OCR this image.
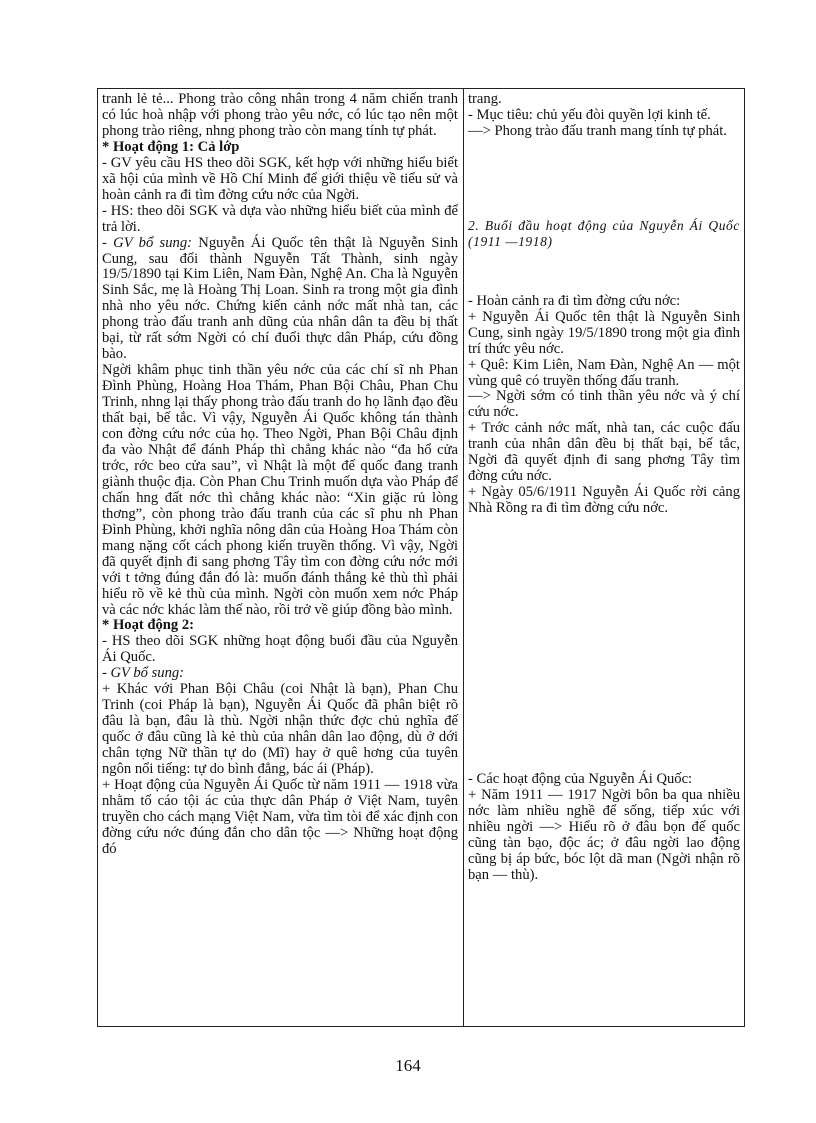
tranh lẻ tẻ... Phong trào công nhân trong 4 năm chiến tranh có lúc hoà nhập với phong trào yêu nớc, có lúc tạo nên một phong trào riêng, nhng phong trào còn mang tính tự phát.

* Hoạt động 1: Cả lớp

- GV yêu cầu HS theo dõi SGK, kết hợp với những hiểu biết xã hội của mình về Hồ Chí Minh để giới thiệu về tiểu sử và hoàn cảnh ra đi tìm đờng cứu nớc của Ngời.

- HS: theo dõi SGK và dựa vào những hiểu biết của mình để trả lời.

- GV bổ sung: Nguyễn Ái Quốc tên thật là Nguyễn Sinh Cung, sau đổi thành Nguyễn Tất Thành, sinh ngày 19/5/1890 tại Kim Liên, Nam Đàn, Nghệ An. Cha là Nguyễn Sinh Sắc, mẹ là Hoàng Thị Loan. Sinh ra trong một gia đình nhà nho yêu nớc. Chứng kiến cảnh nớc mất nhà tan, các phong trào đấu tranh anh dũng của nhân dân ta đều bị thất bại, từ rất sớm Ngời có chí đuổi thực dân Pháp, cứu đồng bào.

Ngời khâm phục tinh thần yêu nớc của các chí sĩ nh Phan Đình Phùng, Hoàng Hoa Thám, Phan Bội Châu, Phan Chu Trinh, nhng lại thấy phong trào đấu tranh do họ lãnh đạo đều thất bại, bế tắc. Vì vậy, Nguyễn Ái Quốc không tán thành con đờng cứu nớc của họ. Theo Ngời, Phan Bội Châu định đa vào Nhật để đánh Pháp thì chẳng khác nào “đa hổ cửa trớc, rớc beo cửa sau”, vì Nhật là một đế quốc đang tranh giành thuộc địa. Còn Phan Chu Trinh muốn dựa vào Pháp để chấn hng đất nớc thì chẳng khác nào: “Xin giặc rủ lòng thơng”, còn phong trào đấu tranh của các sĩ phu nh Phan Đình Phùng, khởi nghĩa nông dân của Hoàng Hoa Thám còn mang nặng cốt cách phong kiến truyền thống. Vì vậy, Ngời đã quyết định đi sang phơng Tây tìm con đờng cứu nớc mới với t tởng đúng đắn đó là: muốn đánh thắng kẻ thù thì phải hiểu rõ về kẻ thù của mình. Ngời còn muốn xem nớc Pháp và các nớc khác làm thế nào, rồi trở về giúp đồng bào mình.

* Hoạt động 2:

- HS theo dõi SGK những hoạt động buổi đầu của Nguyễn Ái Quốc.

- GV bổ sung:

+ Khác với Phan Bội Châu (coi Nhật là bạn), Phan Chu Trinh (coi Pháp là bạn), Nguyễn Ái Quốc đã phân biệt rõ đâu là bạn, đâu là thù. Ngời nhận thức đợc chủ nghĩa đế quốc ở đâu cũng là kẻ thù của nhân dân lao động, dù ở dới chân tợng Nữ thần tự do (Mĩ) hay ở quê hơng của tuyên ngôn nổi tiếng: tự do bình đẳng, bác ái (Pháp).

+ Hoạt động của Nguyễn Ái Quốc từ năm 1911 — 1918 vừa nhằm tố cáo tội ác của thực dân Pháp ở Việt Nam, tuyên truyền cho cách mạng Việt Nam, vừa tìm tòi để xác định con đờng cứu nớc đúng đắn cho dân tộc —> Những hoạt động đó

trang.

- Mục tiêu: chủ yếu đòi quyền lợi kinh tế.

—> Phong trào đấu tranh mang tính tự phát.

2. Buổi đầu hoạt động của Nguyễn Ái Quốc (1911 —1918)

- Hoàn cảnh ra đi tìm đờng cứu nớc:

+ Nguyễn Ái Quốc tên thật là Nguyễn Sinh Cung, sinh ngày 19/5/1890 trong một gia đình trí thức yêu nớc.

+ Quê: Kim Liên, Nam Đàn, Nghệ An — một vùng quê có truyền thống đấu tranh.

—> Ngời sớm có tinh thần yêu nớc và ý chí cứu nớc.

+ Trớc cảnh nớc mất, nhà tan, các cuộc đấu tranh của nhân dân đều bị thất bại, bế tắc, Ngời đã quyết định đi sang phơng Tây tìm đờng cứu nớc.

+ Ngày 05/6/1911 Nguyễn Ái Quốc rời cảng Nhà Rồng ra đi tìm đờng cứu nớc.

- Các hoạt động của Nguyễn Ái Quốc:

+ Năm 1911 — 1917 Ngời bôn ba qua nhiều nớc làm nhiều nghề để sống, tiếp xúc với nhiều ngời —> Hiểu rõ ở đâu bọn đế quốc cũng tàn bạo, độc ác; ở đâu ngời lao động cũng bị áp bức, bóc lột dã man (Ngời nhận rõ bạn — thù).

164
